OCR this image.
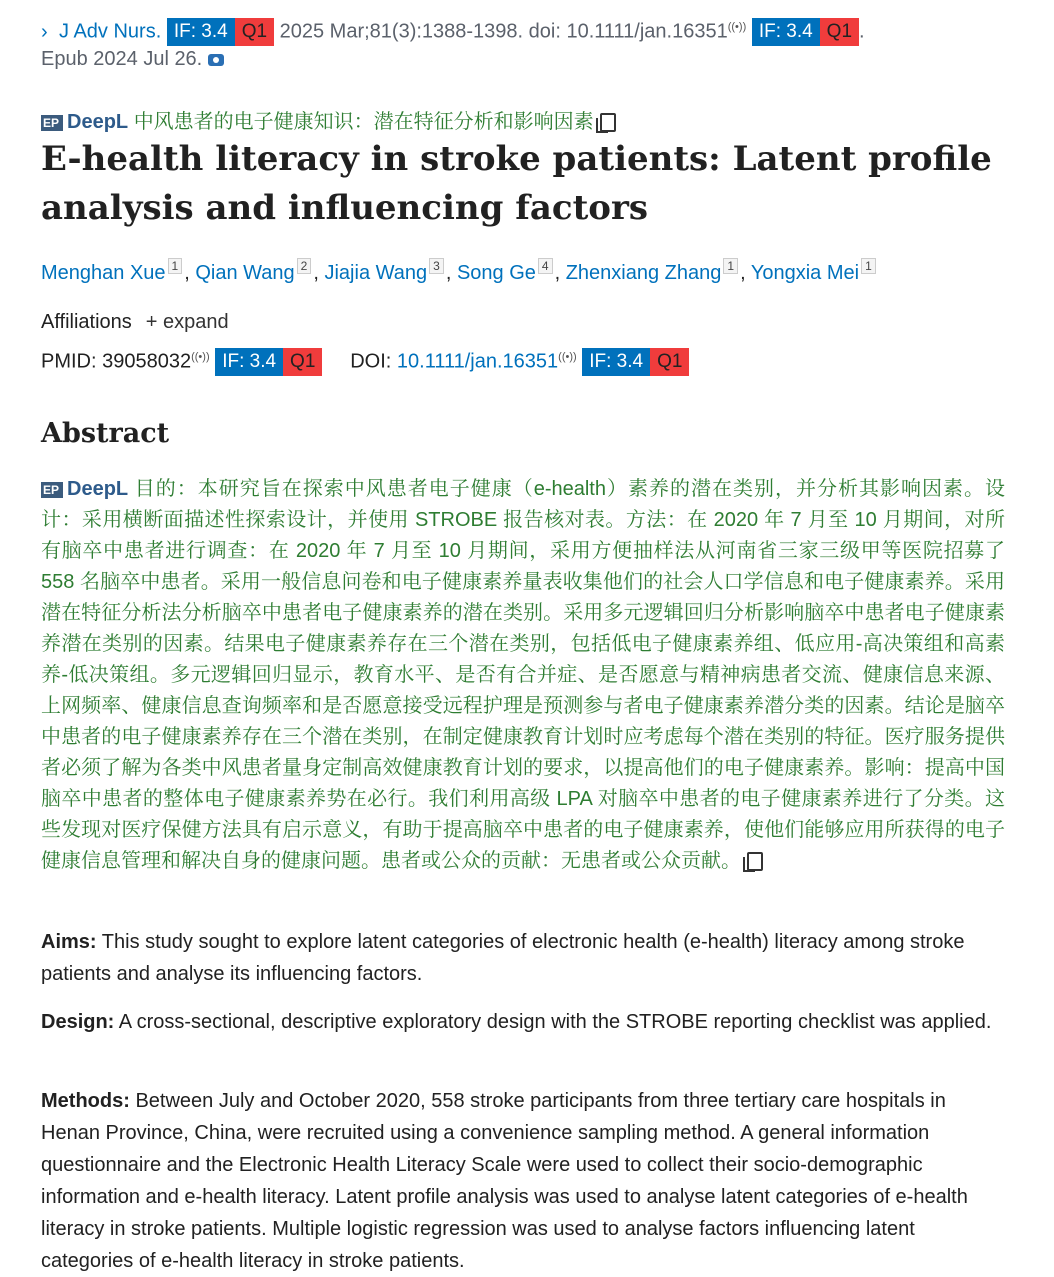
› J Adv Nurs. IF: 3.4 Q1 2025 Mar;81(3):1388-1398. doi: 10.1111/jan.16351((•)) IF: 3.4 Q1 .
Epub 2024 Jul 26.
EPDeepL 中风患者的电子健康知识：潜在特征分析和影响因素
E-health literacy in stroke patients: Latent profile analysis and influencing factors
Menghan Xue 1 , Qian Wang 2 , Jiajia Wang 3 , Song Ge 4 , Zhenxiang Zhang 1 , Yongxia Mei 1
Affiliations + expand
PMID: 39058032((•)) IF: 3.4 Q1 DOI: 10.1111/jan.16351((•)) IF: 3.4 Q1
Abstract
EPDeepL 目的：本研究旨在探索中风患者电子健康（e-health）素养的潜在类别，并分析其影响因素。设计：采用横断面描述性探索设计，并使用 STROBE 报告核对表。方法：在 2020 年 7 月至 10 月期间，对所有脑卒中患者进行调查：在 2020 年 7 月至 10 月期间，采用方便抽样法从河南省三家三级甲等医院招募了 558 名脑卒中患者。采用一般信息问卷和电子健康素养量表收集他们的社会人口学信息和电子健康素养。采用潜在特征分析法分析脑卒中患者电子健康素养的潜在类别。采用多元逻辑回归分析影响脑卒中患者电子健康素养潜在类别的因素。结果电子健康素养存在三个潜在类别，包括低电子健康素养组、低应用-高决策组和高素养-低决策组。多元逻辑回归显示，教育水平、是否有合并症、是否愿意与精神病患者交流、健康信息来源、上网频率、健康信息查询频率和是否愿意接受远程护理是预测参与者电子健康素养潜分类的因素。结论是脑卒中患者的电子健康素养存在三个潜在类别，在制定健康教育计划时应考虑每个潜在类别的特征。医疗服务提供者必须了解为各类中风患者量身定制高效健康教育计划的要求，以提高他们的电子健康素养。影响：提高中国脑卒中患者的整体电子健康素养势在必行。我们利用高级 LPA 对脑卒中患者的电子健康素养进行了分类。这些发现对医疗保健方法具有启示意义，有助于提高脑卒中患者的电子健康素养，使他们能够应用所获得的电子健康信息管理和解决自身的健康问题。患者或公众的贡献：无患者或公众贡献。
Aims: This study sought to explore latent categories of electronic health (e-health) literacy among stroke patients and analyse its influencing factors.
Design: A cross-sectional, descriptive exploratory design with the STROBE reporting checklist was applied.
Methods: Between July and October 2020, 558 stroke participants from three tertiary care hospitals in Henan Province, China, were recruited using a convenience sampling method. A general information questionnaire and the Electronic Health Literacy Scale were used to collect their socio-demographic information and e-health literacy. Latent profile analysis was used to analyse latent categories of e-health literacy in stroke patients. Multiple logistic regression was used to analyse factors influencing latent categories of e-health literacy in stroke patients.
